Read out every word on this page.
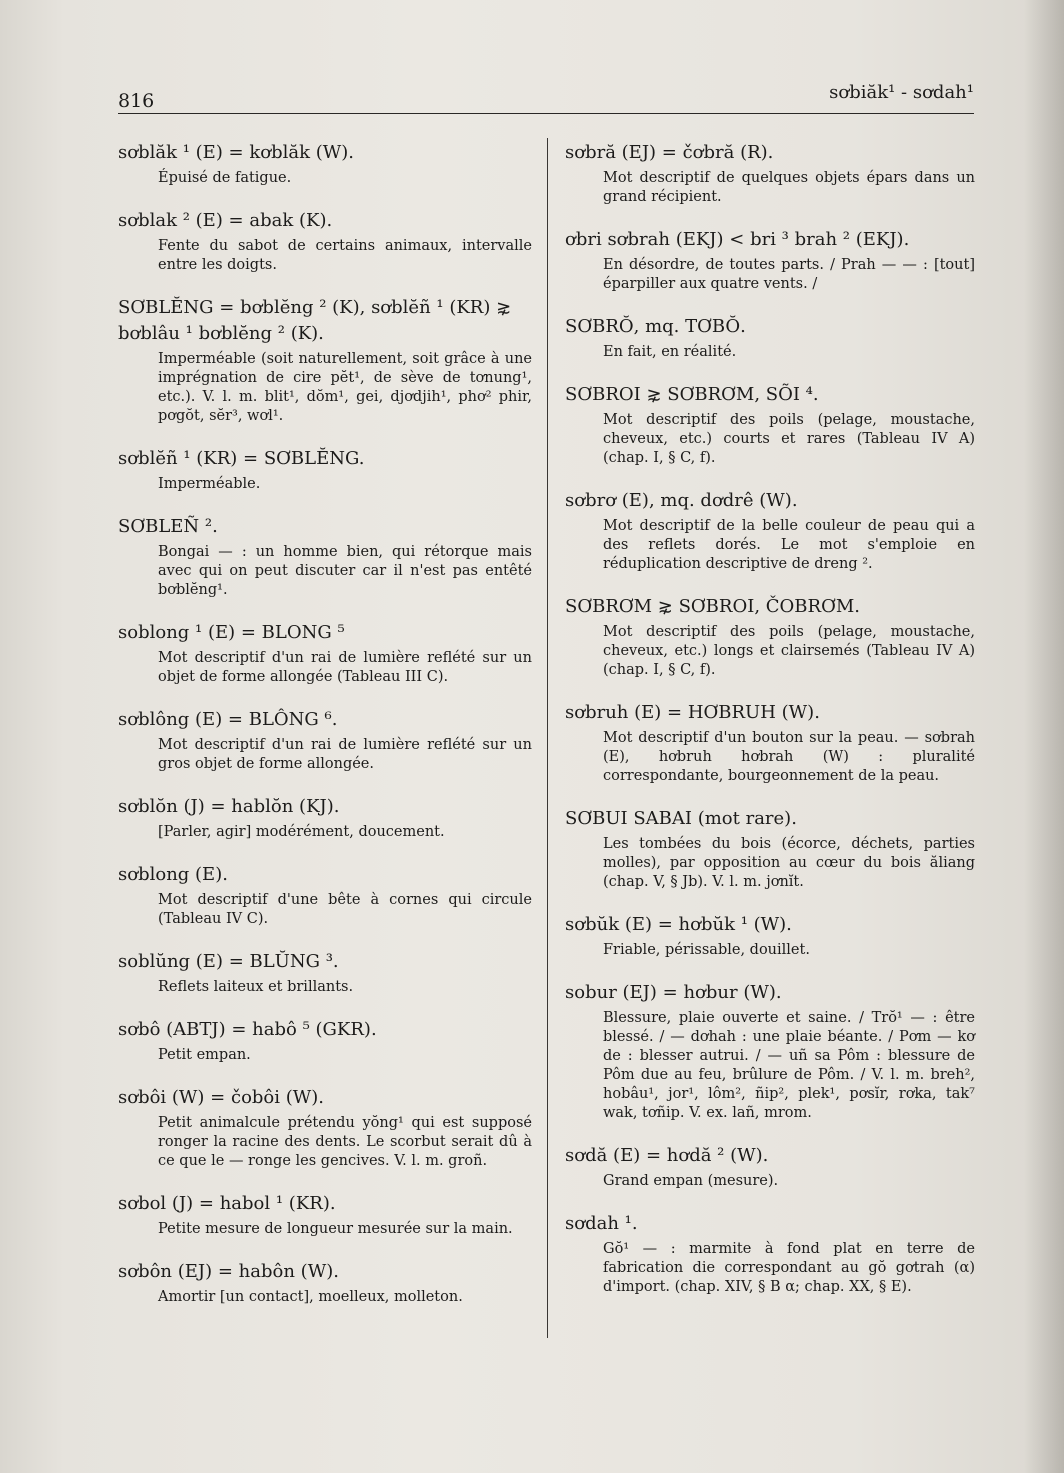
816	sơbiăk¹ - sơdah¹
sơblăk ¹ (E) = kơblăk (W).
Épuisé de fatigue.
sơblak ² (E) = abak (K).
Fente du sabot de certains animaux, intervalle entre les doigts.
SƠBLĔNG = bơblĕng ² (K), sơblĕñ ¹ (KR) ⋧ bơblâu ¹ bơblĕng ² (K).
Imperméable (soit naturellement, soit grâce à une imprégnation de cire pĕt¹, de sève de tơnung¹, etc.). V. l. m. blit¹, dŏm¹, gei, djơdjih¹, phơ² phir, pơgŏt, sĕr³, wơl¹.
sơblĕñ ¹ (KR) = SƠBLĔNG.
Imperméable.
SƠBLEÑ ².
Bongai — : un homme bien, qui rétorque mais avec qui on peut discuter car il n'est pas entêté bơblĕng¹.
soblong ¹ (E) = BLONG ⁵
Mot descriptif d'un rai de lumière reflété sur un objet de forme allongée (Tableau III C).
sơblông (E) = BLÔNG ⁶.
Mot descriptif d'un rai de lumière reflété sur un gros objet de forme allongée.
sơblŏn (J) = hablŏn (KJ).
[Parler, agir] modérément, doucement.
sơblong (E).
Mot descriptif d'une bête à cornes qui circule (Tableau IV C).
soblŭng (E) = BLŬNG ³.
Reflets laiteux et brillants.
sơbô (ABTJ) = habô ⁵ (GKR).
Petit empan.
sơbôi (W) = čobôi (W).
Petit animalcule prétendu yŏng¹ qui est supposé ronger la racine des dents. Le scorbut serait dû à ce que le — ronge les gencives. V. l. m. groñ.
sơbol (J) = habol ¹ (KR).
Petite mesure de longueur mesurée sur la main.
sơbôn (EJ) = habôn (W).
Amortir [un contact], moelleux, molleton.
sơbră (EJ) = čơbră (R).
Mot descriptif de quelques objets épars dans un grand récipient.
ơbri sơbrah (EKJ) < bri ³ brah ² (EKJ).
En désordre, de toutes parts. / Prah — — : [tout] éparpiller aux quatre vents. /
SƠBRŎ, mq. TƠBŎ.
En fait, en réalité.
SƠBROI ⋧ SƠBRƠM, SÕI ⁴.
Mot descriptif des poils (pelage, moustache, cheveux, etc.) courts et rares (Tableau IV A) (chap. I, § C, f).
sơbrơ (E), mq. dơdrê (W).
Mot descriptif de la belle couleur de peau qui a des reflets dorés. Le mot s'emploie en réduplication descriptive de dreng ².
SƠBRƠM ⋧ SƠBROI, ČOBRƠM.
Mot descriptif des poils (pelage, moustache, cheveux, etc.) longs et clairsemés (Tableau IV A) (chap. I, § C, f).
sơbruh (E) = HƠBRUH (W).
Mot descriptif d'un bouton sur la peau. — sơbrah (E), hơbruh hơbrah (W) : pluralité correspondante, bourgeonnement de la peau.
SƠBUI SABAI (mot rare).
Les tombées du bois (écorce, déchets, parties molles), par opposition au cœur du bois ăliang (chap. V, § Jb). V. l. m. jơnĭt.
sơbŭk (E) = hơbŭk ¹ (W).
Friable, périssable, douillet.
sobur (EJ) = hơbur (W).
Blessure, plaie ouverte et saine. / Trŏ¹ — : être blessé. / — dơhah : une plaie béante. / Pơm — kơ de : blesser autrui. / — uñ sa Pôm : blessure de Pôm due au feu, brûlure de Pôm. / V. l. m. breh², hobâu¹, jor¹, lôm², ñip², plek¹, pơsĭr, rơka, tak⁷ wak, tơñip. V. ex. lañ, mrom.
sơdă (E) = hơdă ² (W).
Grand empan (mesure).
sơdah ¹.
Gŏ¹ — : marmite à fond plat en terre de fabrication die correspondant au gŏ gơtrah (α) d'import. (chap. XIV, § B α; chap. XX, § E).
